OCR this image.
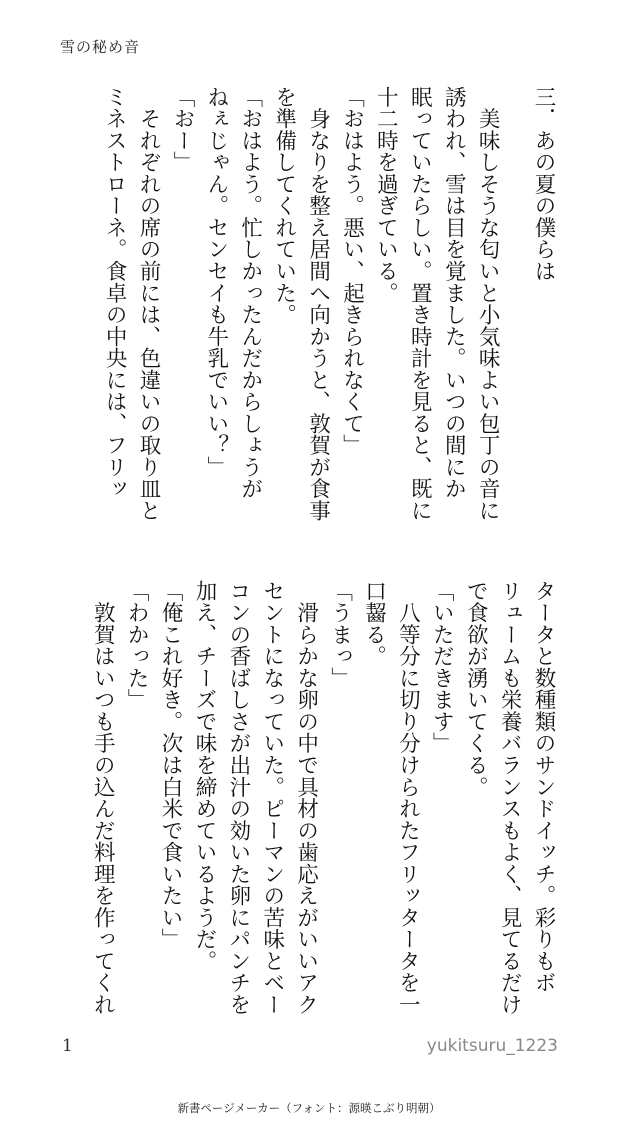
雪の秘め音
三．あの夏の僕らは
　美味しそうな匂いと小気味よい包丁の音に
誘われ、雪は目を覚ました。いつの間にか
眠っていたらしい。置き時計を見ると、既に
十二時を過ぎている。
「おはよう。悪い、起きられなくて」
　身なりを整え居間へ向かうと、敦賀が食事
を準備してくれていた。
「おはよう。忙しかったんだからしょうが
ねぇじゃん。センセイも牛乳でいい？」
「おー」
　それぞれの席の前には、色違いの取り皿と
ミネストローネ。食卓の中央には、フリッ
タータと数種類のサンドイッチ。彩りもボ
リュームも栄養バランスもよく、見てるだけ
で食欲が湧いてくる。
「いただきます」
　八等分に切り分けられたフリッタータを一
口齧る。
「うまっ」
　滑らかな卵の中で具材の歯応えがいいアク
セントになっていた。ピーマンの苦味とベー
コンの香ばしさが出汁の効いた卵にパンチを
加え、チーズで味を締めているようだ。
「俺これ好き。次は白米で食いたい」
「わかった」
　敦賀はいつも手の込んだ料理を作ってくれ
1	yukitsuru_1223
新書ページメーカー（フォント：源暎こぶり明朝）
